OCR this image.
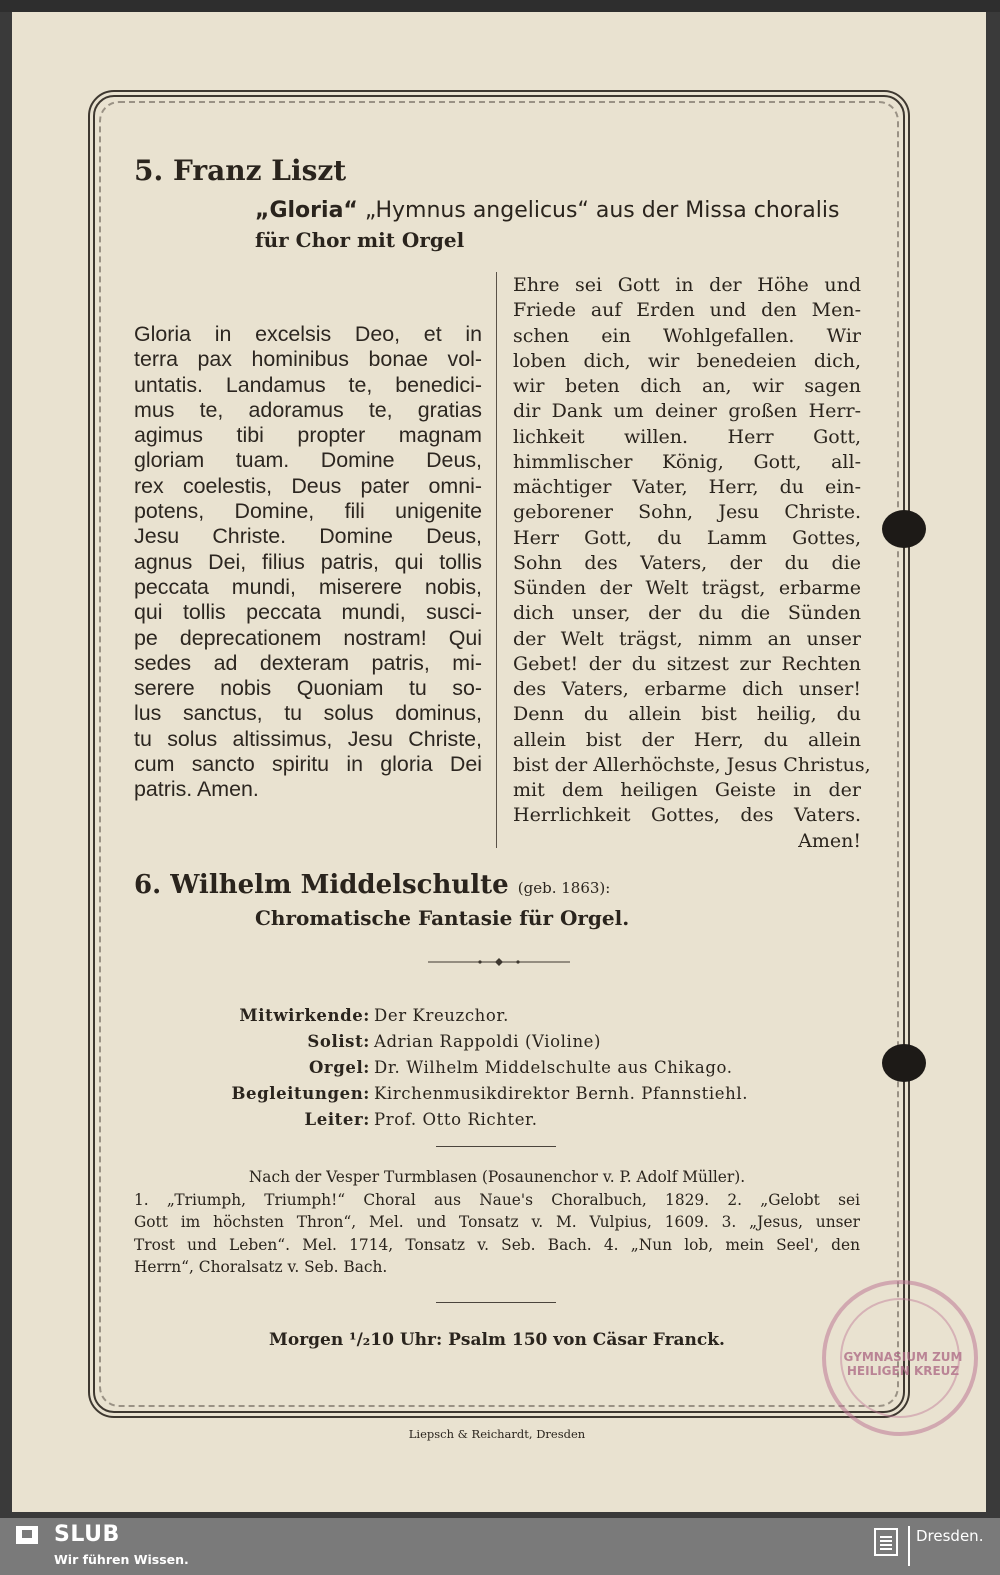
GYMNASIUM ZUM HEILIGEN KREUZ
5. Franz Liszt
„Gloria“ „Hymnus angelicus“ aus der Missa choralis
für Chor mit Orgel
Gloria in excelsis Deo, et in
terra pax hominibus bonae vol-
untatis. Landamus te, benedici-
mus te, adoramus te, gratias
agimus tibi propter magnam
gloriam tuam. Domine Deus,
rex coelestis, Deus pater omni-
potens, Domine, fili unigenite
Jesu Christe. Domine Deus,
agnus Dei, filius patris, qui tollis
peccata mundi, miserere nobis,
qui tollis peccata mundi, susci-
pe deprecationem nostram! Qui
sedes ad dexteram patris, mi-
serere nobis Quoniam tu so-
lus sanctus, tu solus dominus,
tu solus altissimus, Jesu Christe,
cum sancto spiritu in gloria Dei
patris. Amen.
Ehre sei Gott in der Höhe und
Friede auf Erden und den Men-
schen ein Wohlgefallen. Wir
loben dich, wir benedeien dich,
wir beten dich an, wir sagen
dir Dank um deiner großen Herr-
lichkeit willen. Herr Gott,
himmlischer König, Gott, all-
mächtiger Vater, Herr, du ein-
geborener Sohn, Jesu Christe.
Herr Gott, du Lamm Gottes,
Sohn des Vaters, der du die
Sünden der Welt trägst, erbarme
dich unser, der du die Sünden
der Welt trägst, nimm an unser
Gebet! der du sitzest zur Rechten
des Vaters, erbarme dich unser!
Denn du allein bist heilig, du
allein bist der Herr, du allein
bist der Allerhöchste, Jesus Christus,
mit dem heiligen Geiste in der
Herrlichkeit Gottes, des Vaters.
Amen!
6. Wilhelm Middelschulte (geb. 1863):
Chromatische Fantasie für Orgel.
Mitwirkende: Der Kreuzchor.
Solist: Adrian Rappoldi (Violine)
Orgel: Dr. Wilhelm Middelschulte aus Chikago.
Begleitungen: Kirchenmusikdirektor Bernh. Pfannstiehl.
Leiter: Prof. Otto Richter.
Nach der Vesper Turmblasen (Posaunenchor v. P. Adolf Müller).
1. „Triumph, Triumph!“ Choral aus Naue's Choralbuch, 1829. 2. „Gelobt sei
Gott im höchsten Thron“, Mel. und Tonsatz v. M. Vulpius, 1609. 3. „Jesus, unser
Trost und Leben“. Mel. 1714, Tonsatz v. Seb. Bach. 4. „Nun lob, mein Seel', den
Herrn“, Choralsatz v. Seb. Bach.
Morgen ¹/₂10 Uhr: Psalm 150 von Cäsar Franck.
Liepsch & Reichardt, Dresden
SLUB
Wir führen Wissen.
Dresden.
